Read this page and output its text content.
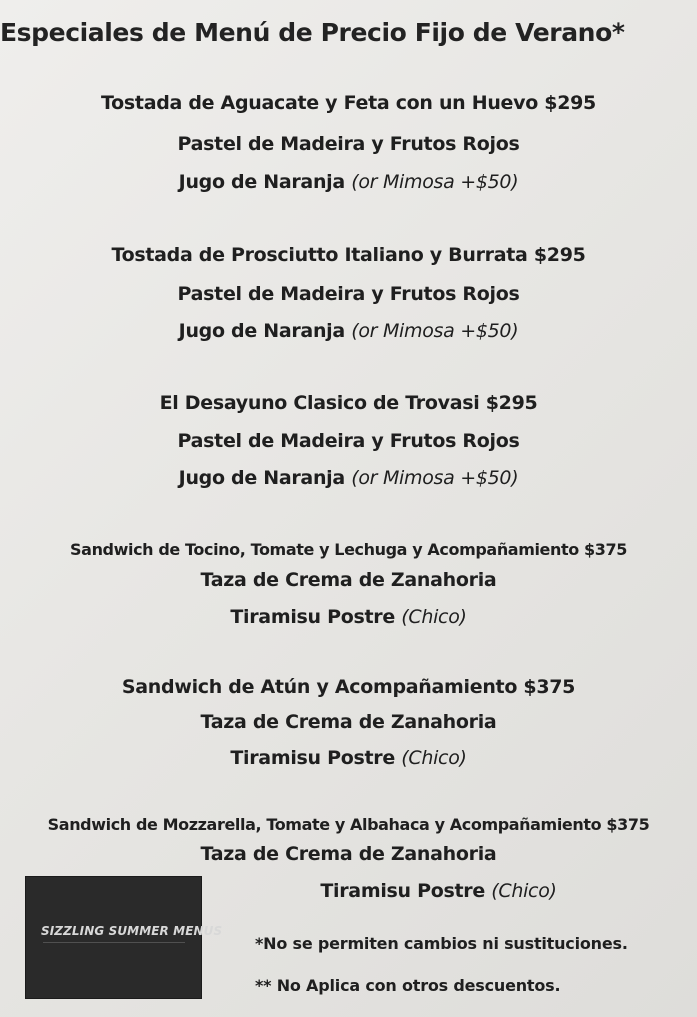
Especiales de Menú de Precio Fijo de Verano*
Tostada de Aguacate y Feta con un Huevo $295
Pastel de Madeira y Frutos Rojos
Jugo de Naranja (or Mimosa +$50)
Tostada de Prosciutto Italiano y Burrata $295
Pastel de Madeira y Frutos Rojos
Jugo de Naranja (or Mimosa +$50)
El Desayuno Clasico de Trovasi $295
Pastel de Madeira y Frutos Rojos
Jugo de Naranja (or Mimosa +$50)
Sandwich de Tocino, Tomate y Lechuga y Acompañamiento $375
Taza de Crema de Zanahoria
Tiramisu Postre (Chico)
Sandwich de Atún y Acompañamiento $375
Taza de Crema de Zanahoria
Tiramisu Postre (Chico)
Sandwich de Mozzarella, Tomate y Albahaca y Acompañamiento $375
Taza de Crema de Zanahoria
Tiramisu Postre (Chico)
*No se permiten cambios ni sustituciones.
** No Aplica con otros descuentos.
SIZZLING SUMMER MENUS
